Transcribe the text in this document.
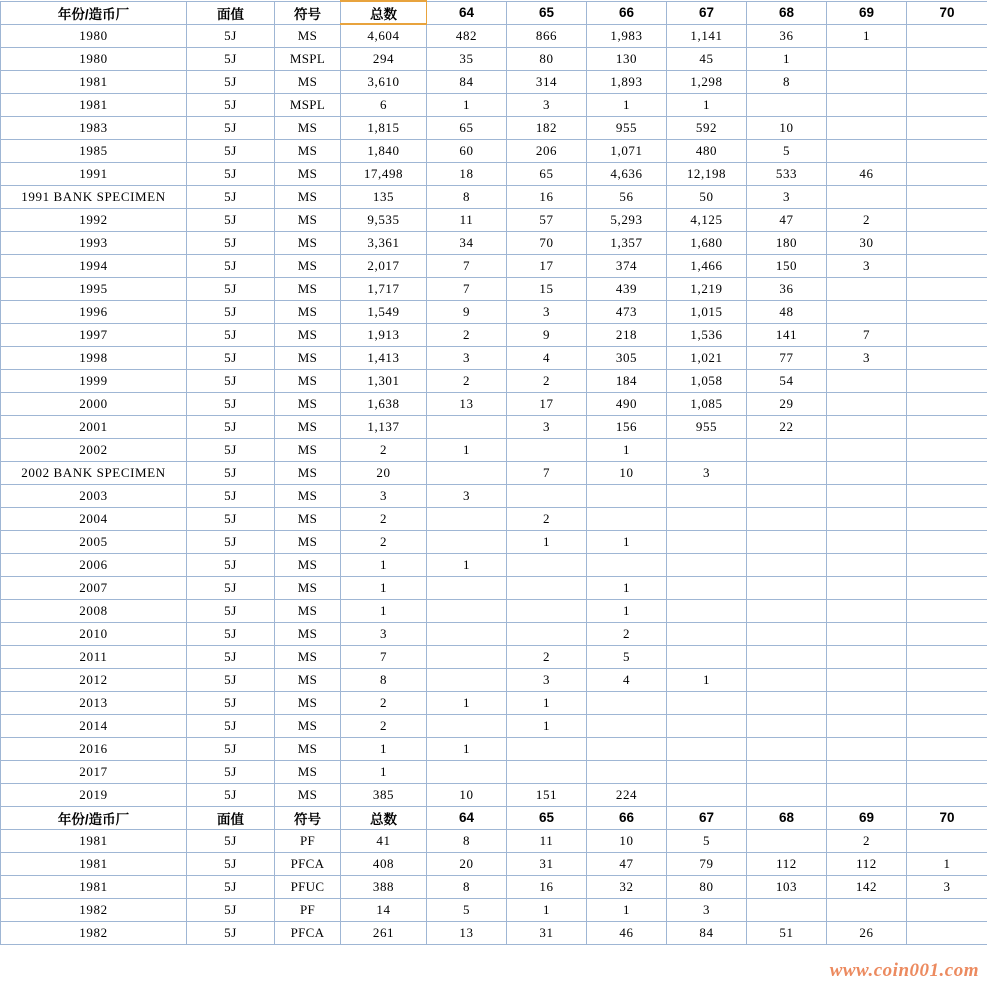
年份/造币厂	面值	符号	总数	64	65	66	67	68	69	70
1980	5J	MS	4,604	482	866	1,983	1,141	36	1	
1980	5J	MSPL	294	35	80	130	45	1		
1981	5J	MS	3,610	84	314	1,893	1,298	8		
1981	5J	MSPL	6	1	3	1	1			
1983	5J	MS	1,815	65	182	955	592	10		
1985	5J	MS	1,840	60	206	1,071	480	5		
1991	5J	MS	17,498	18	65	4,636	12,198	533	46	
1991 BANK SPECIMEN	5J	MS	135	8	16	56	50	3		
1992	5J	MS	9,535	11	57	5,293	4,125	47	2	
1993	5J	MS	3,361	34	70	1,357	1,680	180	30	
1994	5J	MS	2,017	7	17	374	1,466	150	3	
1995	5J	MS	1,717	7	15	439	1,219	36		
1996	5J	MS	1,549	9	3	473	1,015	48		
1997	5J	MS	1,913	2	9	218	1,536	141	7	
1998	5J	MS	1,413	3	4	305	1,021	77	3	
1999	5J	MS	1,301	2	2	184	1,058	54		
2000	5J	MS	1,638	13	17	490	1,085	29		
2001	5J	MS	1,137		3	156	955	22		
2002	5J	MS	2	1		1				
2002 BANK SPECIMEN	5J	MS	20		7	10	3			
2003	5J	MS	3	3						
2004	5J	MS	2		2					
2005	5J	MS	2		1	1				
2006	5J	MS	1	1						
2007	5J	MS	1			1				
2008	5J	MS	1			1				
2010	5J	MS	3			2				
2011	5J	MS	7		2	5				
2012	5J	MS	8		3	4	1			
2013	5J	MS	2	1	1					
2014	5J	MS	2		1					
2016	5J	MS	1	1						
2017	5J	MS	1							
2019	5J	MS	385	10	151	224				
年份/造币厂	面值	符号	总数	64	65	66	67	68	69	70
1981	5J	PF	41	8	11	10	5		2	
1981	5J	PFCA	408	20	31	47	79	112	112	1
1981	5J	PFUC	388	8	16	32	80	103	142	3
1982	5J	PF	14	5	1	1	3			
1982	5J	PFCA	261	13	31	46	84	51	26	
www.coin001.com
